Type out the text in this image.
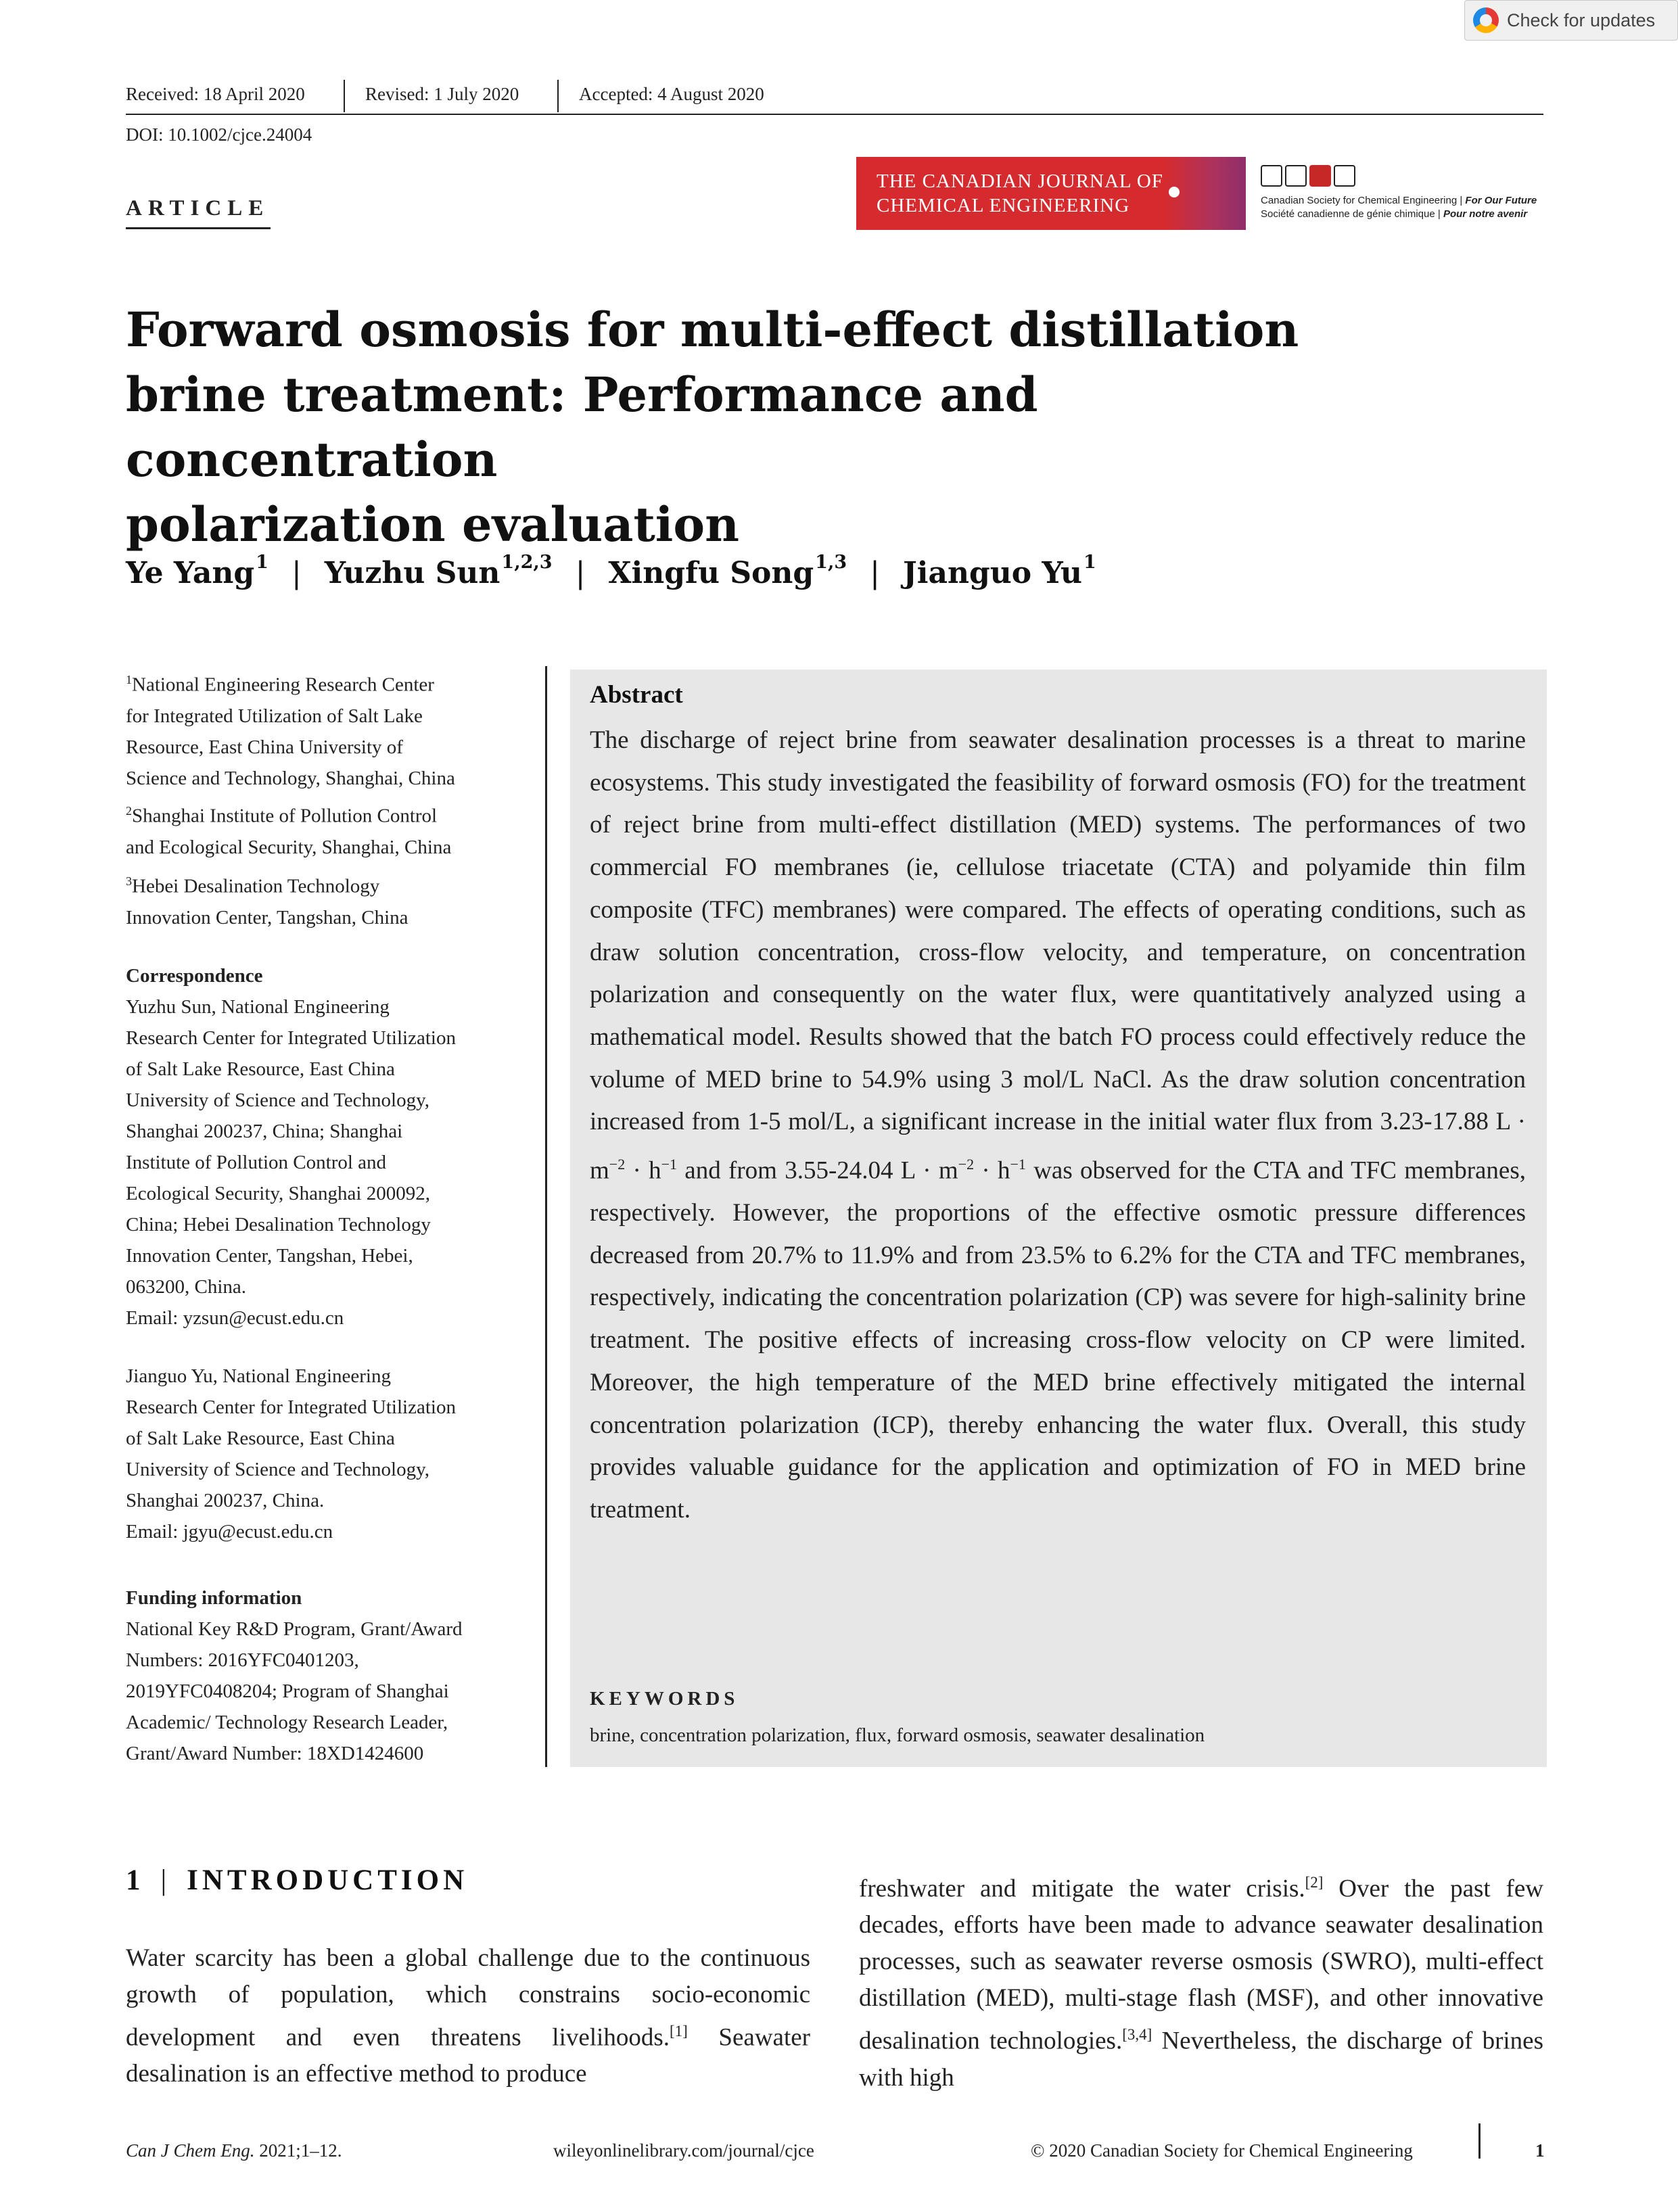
Check for updates
Received: 18 April 2020	Revised: 1 July 2020	Accepted: 4 August 2020
DOI: 10.1002/cjce.24004
ARTICLE
THE CANADIAN JOURNAL OF
CHEMICAL ENGINEERING	Canadian Society for Chemical Engineering | For Our Future
Société canadienne de génie chimique | Pour notre avenir
Forward osmosis for multi-effect distillation
brine treatment: Performance and concentration
polarization evaluation
Ye Yang$^1$ | Yuzhu Sun$^{1,2,3}$ | Xingfu Song$^{1,3}$ | Jianguo Yu$^1$
$^1$National Engineering Research Center
for Integrated Utilization of Salt Lake
Resource, East China University of
Science and Technology, Shanghai, China
$^2$Shanghai Institute of Pollution Control
and Ecological Security, Shanghai, China
$^3$Hebei Desalination Technology
Innovation Center, Tangshan, China
Correspondence
Yuzhu Sun, National Engineering
Research Center for Integrated Utilization
of Salt Lake Resource, East China
University of Science and Technology,
Shanghai 200237, China; Shanghai
Institute of Pollution Control and
Ecological Security, Shanghai 200092,
China; Hebei Desalination Technology
Innovation Center, Tangshan, Hebei,
063200, China.
Email: yzsun@ecust.edu.cn
Jianguo Yu, National Engineering
Research Center for Integrated Utilization
of Salt Lake Resource, East China
University of Science and Technology,
Shanghai 200237, China.
Email: jgyu@ecust.edu.cn
Funding information
National Key R&D Program, Grant/Award
Numbers: 2016YFC0401203,
2019YFC0408204; Program of Shanghai
Academic/ Technology Research Leader,
Grant/Award Number: 18XD1424600
Abstract
The discharge of reject brine from seawater desalination processes is a threat to marine ecosystems. This study investigated the feasibility of forward osmosis (FO) for the treatment of reject brine from multi-effect distillation (MED) systems. The performances of two commercial FO membranes (ie, cellulose triacetate (CTA) and polyamide thin film composite (TFC) membranes) were compared. The effects of operating conditions, such as draw solution concentration, cross-flow velocity, and temperature, on concentration polarization and consequently on the water flux, were quantitatively analyzed using a mathematical model. Results showed that the batch FO process could effectively reduce the volume of MED brine to 54.9% using 3 mol/L NaCl. As the draw solution concentration increased from 1-5 mol/L, a significant increase in the initial water flux from 3.23-17.88 $L \cdot m^{-2} \cdot h^{-1}$ and from 3.55-24.04 $L \cdot m^{-2} \cdot h^{-1}$ was observed for the CTA and TFC membranes, respectively. However, the proportions of the effective osmotic pressure differences decreased from 20.7% to 11.9% and from 23.5% to 6.2% for the CTA and TFC membranes, respectively, indicating the concentration polarization (CP) was severe for high-salinity brine treatment. The positive effects of increasing cross-flow velocity on CP were limited. Moreover, the high temperature of the MED brine effectively mitigated the internal concentration polarization (ICP), thereby enhancing the water flux. Overall, this study provides valuable guidance for the application and optimization of FO in MED brine treatment.
KEYWORDS
brine, concentration polarization, flux, forward osmosis, seawater desalination
1 | INTRODUCTION
Water scarcity has been a global challenge due to the continuous growth of population, which constrains socio-economic development and even threatens livelihoods.[1] Seawater desalination is an effective method to produce
freshwater and mitigate the water crisis.[2] Over the past few decades, efforts have been made to advance seawater desalination processes, such as seawater reverse osmosis (SWRO), multi-effect distillation (MED), multi-stage flash (MSF), and other innovative desalination technologies.[3,4] Nevertheless, the discharge of brines with high
Can J Chem Eng. 2021;1–12.	wileyonlinelibrary.com/journal/cjce	© 2020 Canadian Society for Chemical Engineering	1
